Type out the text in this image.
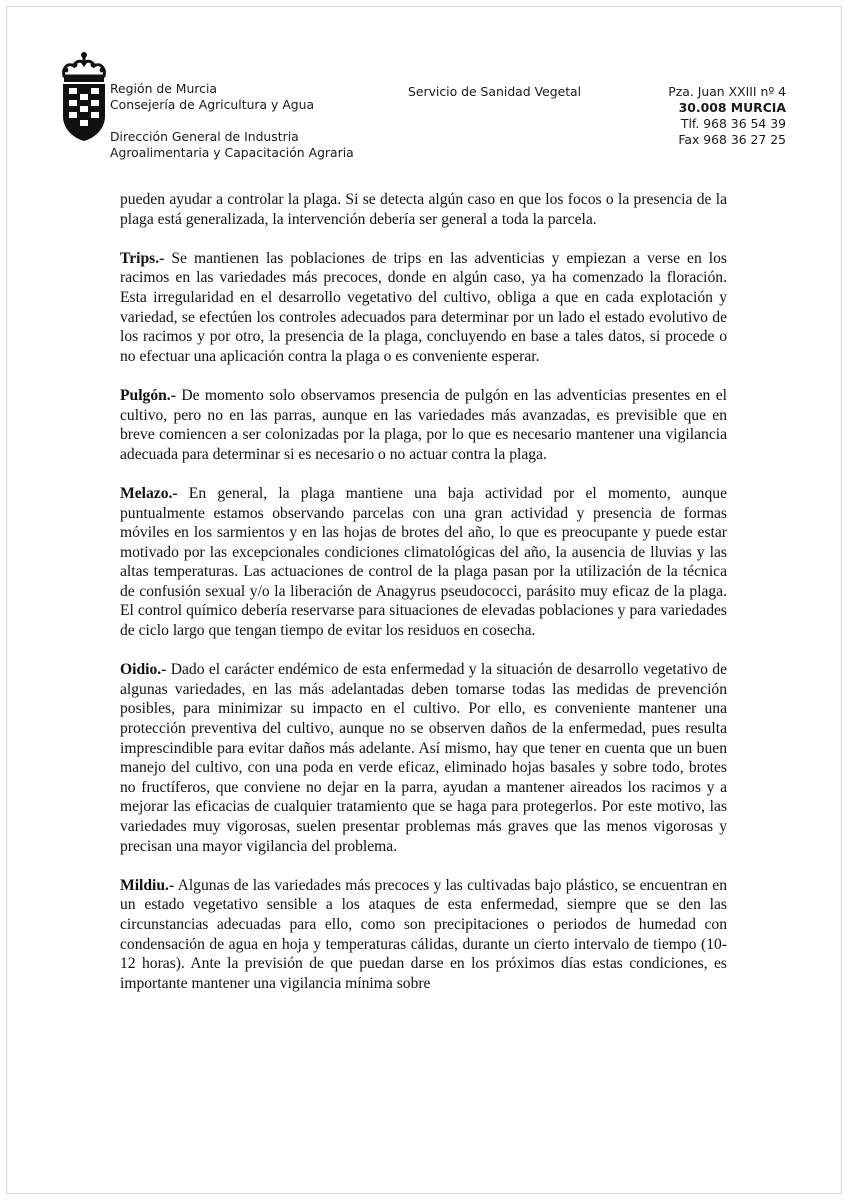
Región de Murcia
Consejería de Agricultura y Agua
Dirección General de Industria
Agroalimentaria y Capacitación Agraria
Servicio de Sanidad Vegetal	Pza. Juan XXIII nº 4
30.008 MURCIA
Tlf. 968 36 54 39
Fax 968 36 27 25

pueden ayudar a controlar la plaga. Si se detecta algún caso en que los focos o la presencia de la plaga está generalizada, la intervención debería ser general a toda la parcela.

Trips.- Se mantienen las poblaciones de trips en las adventicias y empiezan a verse en los racimos en las variedades más precoces, donde en algún caso, ya ha comenzado la floración. Esta irregularidad en el desarrollo vegetativo del cultivo, obliga a que en cada explotación y variedad, se efectúen los controles adecuados para determinar por un lado el estado evolutivo de los racimos y por otro, la presencia de la plaga, concluyendo en base a tales datos, si procede o no efectuar una aplicación contra la plaga o es conveniente esperar.

Pulgón.- De momento solo observamos presencia de pulgón en las adventicias presentes en el cultivo, pero no en las parras, aunque en las variedades más avanzadas, es previsible que en breve comiencen a ser colonizadas por la plaga, por lo que es necesario mantener una vigilancia adecuada para determinar si es necesario o no actuar contra la plaga.

Melazo.- En general, la plaga mantiene una baja actividad por el momento, aunque puntualmente estamos observando parcelas con una gran actividad y presencia de formas móviles en los sarmientos y en las hojas de brotes del año, lo que es preocupante y puede estar motivado por las excepcionales condiciones climatológicas del año, la ausencia de lluvias y las altas temperaturas. Las actuaciones de control de la plaga pasan por la utilización de la técnica de confusión sexual y/o la liberación de Anagyrus pseudococci, parásito muy eficaz de la plaga. El control químico debería reservarse para situaciones de elevadas poblaciones y para variedades de ciclo largo que tengan tiempo de evitar los residuos en cosecha.

Oidio.- Dado el carácter endémico de esta enfermedad y la situación de desarrollo vegetativo de algunas variedades, en las más adelantadas deben tomarse todas las medidas de prevención posibles, para minimizar su impacto en el cultivo. Por ello, es conveniente mantener una protección preventiva del cultivo, aunque no se observen daños de la enfermedad, pues resulta imprescindible para evitar daños más adelante. Así mismo, hay que tener en cuenta que un buen manejo del cultivo, con una poda en verde eficaz, eliminado hojas basales y sobre todo, brotes no fructíferos, que conviene no dejar en la parra, ayudan a mantener aireados los racimos y a mejorar las eficacias de cualquier tratamiento que se haga para protegerlos. Por este motivo, las variedades muy vigorosas, suelen presentar problemas más graves que las menos vigorosas y precisan una mayor vigilancia del problema.

Mildiu.- Algunas de las variedades más precoces y las cultivadas bajo plástico, se encuentran en un estado vegetativo sensible a los ataques de esta enfermedad, siempre que se den las circunstancias adecuadas para ello, como son precipitaciones o periodos de humedad con condensación de agua en hoja y temperaturas cálidas, durante un cierto intervalo de tiempo (10-12 horas). Ante la previsión de que puedan darse en los próximos días estas condiciones, es importante mantener una vigilancia mínima sobre
